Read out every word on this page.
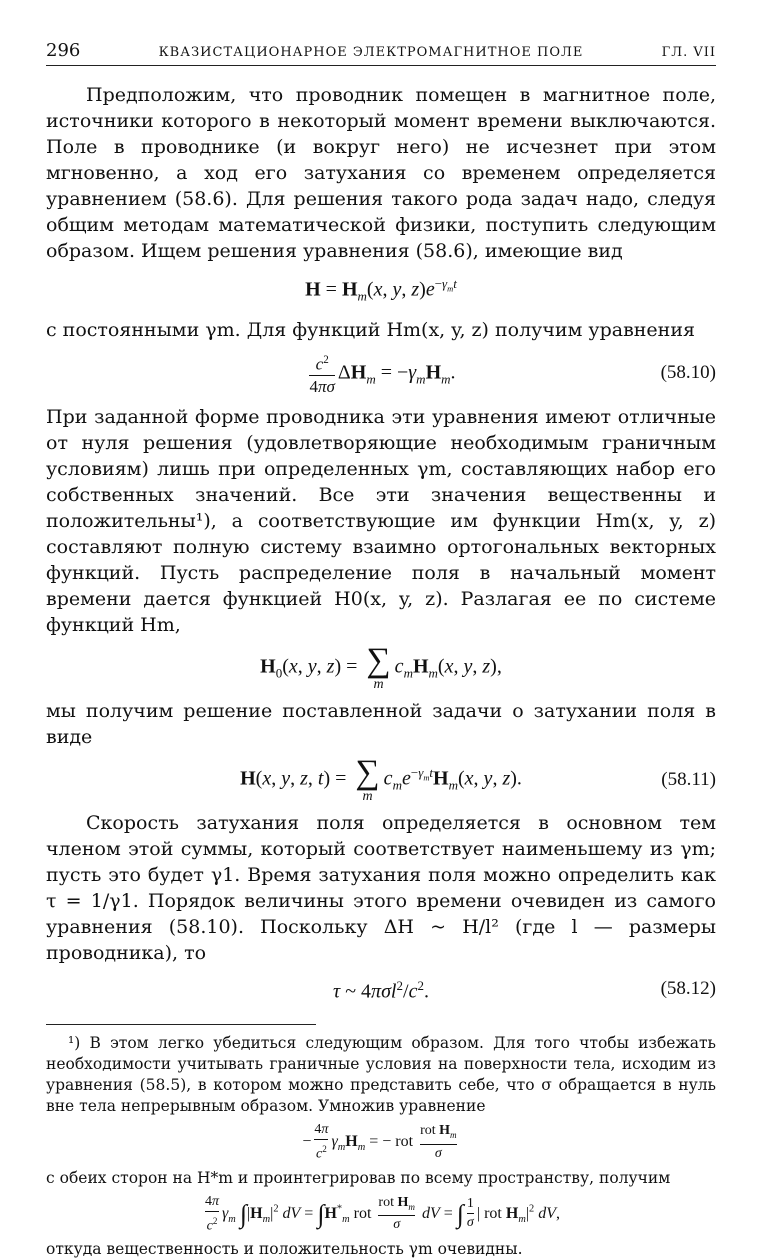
296	КВАЗИСТАЦИОНАРНОЕ ЭЛЕКТРОМАГНИТНОЕ ПОЛЕ	ГЛ. VII

Предположим, что проводник помещен в магнитное поле, источники которого в некоторый момент времени выключаются. Поле в проводнике (и вокруг него) не исчезнет при этом мгновенно, а ход его затухания со временем определяется уравнением (58.6). Для решения такого рода задач надо, следуя общим методам математической физики, поступить следующим образом. Ищем решения уравнения (58.6), имеющие вид

$H = H_m(x$, y, $z)e^{-\gamma_mt}$

с постоянными γm. Для функций Hm(x, y, z) получим уравнения

$\frac{c^2}{4\pi\sigma} \Delta H_m = -\gamma_mH_m$.	(58.10)

При заданной форме проводника эти уравнения имеют отличные от нуля решения (удовлетворяющие необходимым граничным условиям) лишь при определенных γm, составляющих набор его собственных значений. Все эти значения вещественны и положительны¹), а соответствующие им функции Hm(x, y, z) составляют полную систему взаимно ортогональных векторных функций. Пусть распределение поля в начальный момент времени дается функцией H0(x, y, z). Разлагая ее по системе функций Hm,

$H_0(x$, y, z) = ∑
m
$c_mH_m(x$, y, z),

мы получим решение поставленной задачи о затухании поля в виде

H(x, y, z, t) = ∑
m
$c_me^{-\gamma_mt}H_m(x$, y, z).	(58.11)

Скорость затухания поля определяется в основном тем членом этой суммы, который соответствует наименьшему из γm; пусть это будет γ1. Время затухания поля можно определить как τ = 1/γ1. Порядок величины этого времени очевиден из самого уравнения (58.10). Поскольку ΔH ~ H/l² (где l — размеры проводника), то

τ ~ $4\pi\sigma l^2/c^2$.	(58.12)

¹) В этом легко убедиться следующим образом. Для того чтобы избежать необходимости учитывать граничные условия на поверхности тела, исходим из уравнения (58.5), в котором можно представить себе, что σ обращается в нуль вне тела непрерывным образом. Умножив уравнение

− $\frac{4\pi}{c^2} \gamma_mH_m$ = − rot $\frac{rot H_m}{\sigma}$

с обеих сторон на H*m и проинтегрировав по всему пространству, получим

$\frac{4\pi}{c^2} \gamma_m$ $\int|H_m|^2$ dV = $\int H^*_m$ rot $\frac{rot H_m}{\sigma}$ dV = ∫ $\frac{1}{\sigma}$ | rot $H_m|^2$ dV,

откуда вещественность и положительность γm очевидны.
